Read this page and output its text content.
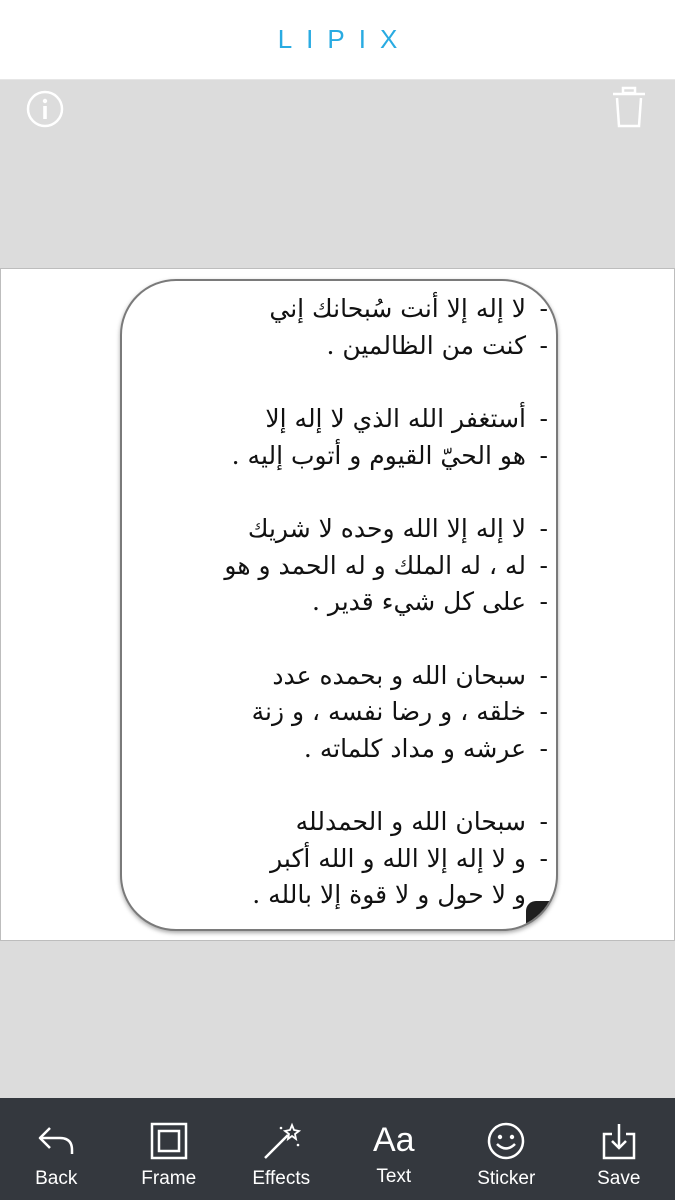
LIPIX
-
لا إله إلا أنت سُبحانك إني
-
كنت من الظالمين .
-
أستغفر الله الذي لا إله إلا
-
هو الحيّ القيوم و أتوب إليه .
-
لا إله إلا الله وحده لا شريك
-
له ، له الملك و له الحمد و هو
-
على كل شيء قدير .
-
سبحان الله و بحمده عدد
-
خلقه ، و رضا نفسه ، و زنة
-
عرشه و مداد كلماته .
-
سبحان الله و الحمدلله
-
و لا إله إلا الله و الله أكبر
و لا حول و لا قوة إلا بالله .
Back	Frame	Effects
Aa
Text	Sticker	Save
